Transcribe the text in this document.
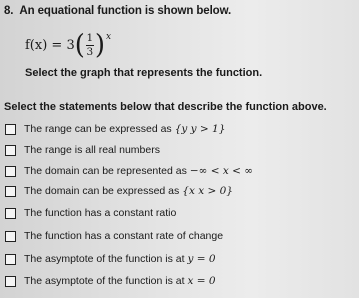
8. An equational function is shown below.
f(x) = 3 ( $\frac{1}{3} )^x$
Select the graph that represents the function.
Select the statements below that describe the function above.
The range can be expressed as {y y > 1}
The range is all real numbers
The domain can be represented as −∞ < x < ∞
The domain can be expressed as {x x > 0}
The function has a constant ratio
The function has a constant rate of change
The asymptote of the function is at y = 0
The asymptote of the function is at x = 0
